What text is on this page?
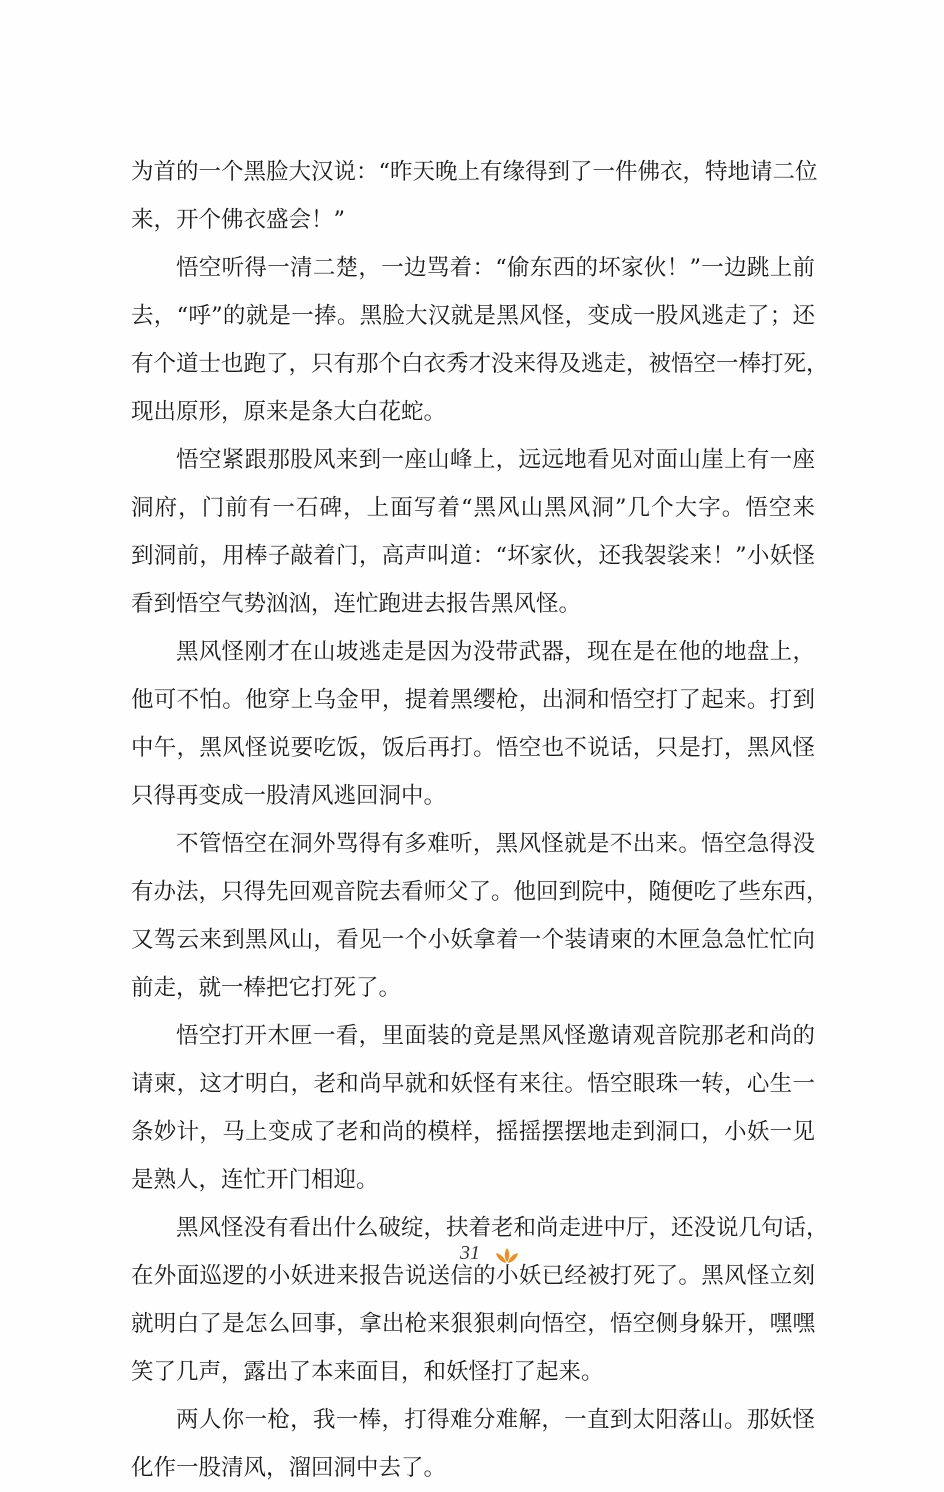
为首的一个黑脸大汉说：“昨天晚上有缘得到了一件佛衣，特地请二位
来，开个佛衣盛会！”
悟空听得一清二楚，一边骂着：“偷东西的坏家伙！”一边跳上前
去，“呼”的就是一捧。黑脸大汉就是黑风怪，变成一股风逃走了；还
有个道士也跑了，只有那个白衣秀才没来得及逃走，被悟空一棒打死，
现出原形，原来是条大白花蛇。
悟空紧跟那股风来到一座山峰上，远远地看见对面山崖上有一座
洞府，门前有一石碑，上面写着“黑风山黑风洞”几个大字。悟空来
到洞前，用棒子敲着门，高声叫道：“坏家伙，还我袈裟来！”小妖怪
看到悟空气势汹汹，连忙跑进去报告黑风怪。
黑风怪刚才在山坡逃走是因为没带武器，现在是在他的地盘上，
他可不怕。他穿上乌金甲，提着黑缨枪，出洞和悟空打了起来。打到
中午，黑风怪说要吃饭，饭后再打。悟空也不说话，只是打，黑风怪
只得再变成一股清风逃回洞中。
不管悟空在洞外骂得有多难听，黑风怪就是不出来。悟空急得没
有办法，只得先回观音院去看师父了。他回到院中，随便吃了些东西，
又驾云来到黑风山，看见一个小妖拿着一个装请柬的木匣急急忙忙向
前走，就一棒把它打死了。
悟空打开木匣一看，里面装的竟是黑风怪邀请观音院那老和尚的
请柬，这才明白，老和尚早就和妖怪有来往。悟空眼珠一转，心生一
条妙计，马上变成了老和尚的模样，摇摇摆摆地走到洞口，小妖一见
是熟人，连忙开门相迎。
黑风怪没有看出什么破绽，扶着老和尚走进中厅，还没说几句话，
在外面巡逻的小妖进来报告说送信的小妖已经被打死了。黑风怪立刻
就明白了是怎么回事，拿出枪来狠狠刺向悟空，悟空侧身躲开，嘿嘿
笑了几声，露出了本来面目，和妖怪打了起来。
两人你一枪，我一棒，打得难分难解，一直到太阳落山。那妖怪
化作一股清风，溜回洞中去了。
31
